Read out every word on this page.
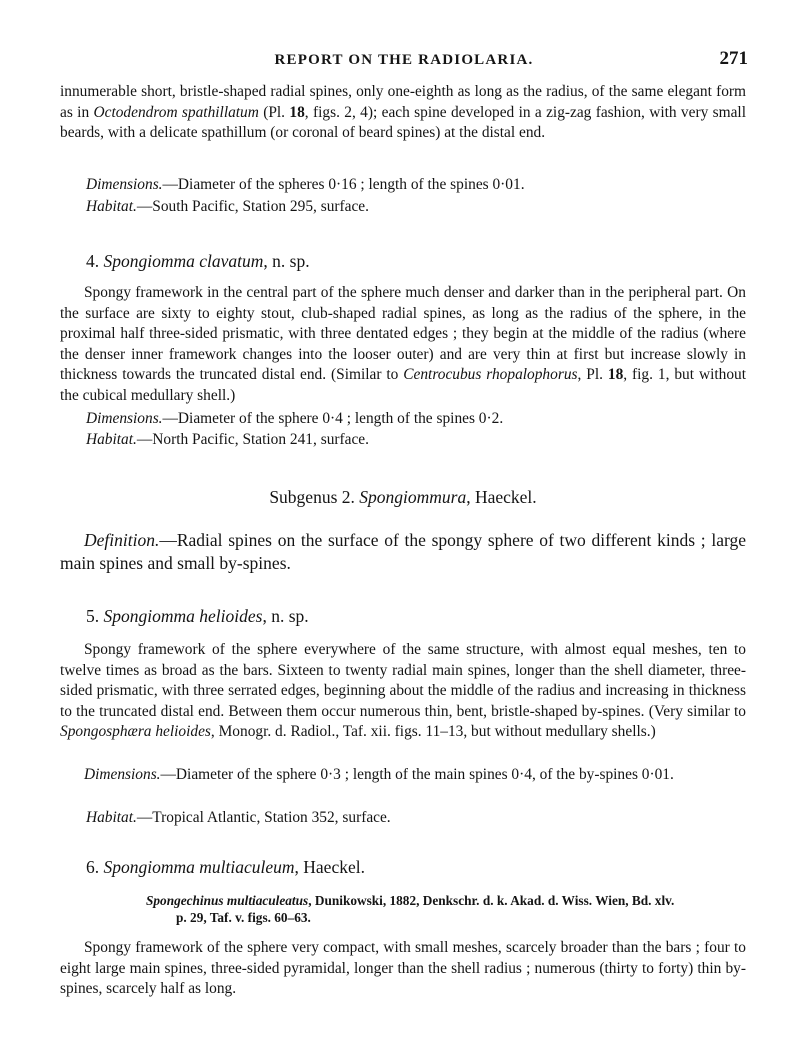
REPORT ON THE RADIOLARIA.	271

innumerable short, bristle-shaped radial spines, only one-eighth as long as the radius, of the same elegant form as in Octodendrom spathillatum (Pl. 18, figs. 2, 4); each spine developed in a zig-zag fashion, with very small beards, with a delicate spathillum (or coronal of beard spines) at the distal end.

Dimensions.—Diameter of the spheres 0·16 ; length of the spines 0·01.

Habitat.—South Pacific, Station 295, surface.

4. Spongiomma clavatum, n. sp.

Spongy framework in the central part of the sphere much denser and darker than in the peripheral part. On the surface are sixty to eighty stout, club-shaped radial spines, as long as the radius of the sphere, in the proximal half three-sided prismatic, with three dentated edges ; they begin at the middle of the radius (where the denser inner framework changes into the looser outer) and are very thin at first but increase slowly in thickness towards the truncated distal end. (Similar to Centrocubus rhopalophorus, Pl. 18, fig. 1, but without the cubical medullary shell.)

Dimensions.—Diameter of the sphere 0·4 ; length of the spines 0·2.

Habitat.—North Pacific, Station 241, surface.

Subgenus 2. Spongiommura, Haeckel.

Definition.—Radial spines on the surface of the spongy sphere of two different kinds ; large main spines and small by-spines.

5. Spongiomma helioides, n. sp.

Spongy framework of the sphere everywhere of the same structure, with almost equal meshes, ten to twelve times as broad as the bars. Sixteen to twenty radial main spines, longer than the shell diameter, three-sided prismatic, with three serrated edges, beginning about the middle of the radius and increasing in thickness to the truncated distal end. Between them occur numerous thin, bent, bristle-shaped by-spines. (Very similar to Spongosphæra helioides, Monogr. d. Radiol., Taf. xii. figs. 11–13, but without medullary shells.)

Dimensions.—Diameter of the sphere 0·3 ; length of the main spines 0·4, of the by-spines 0·01.

Habitat.—Tropical Atlantic, Station 352, surface.

6. Spongiomma multiaculeum, Haeckel.

Spongechinus multiaculeatus, Dunikowski, 1882, Denkschr. d. k. Akad. d. Wiss. Wien, Bd. xlv.
p. 29, Taf. v. figs. 60–63.

Spongy framework of the sphere very compact, with small meshes, scarcely broader than the bars ; four to eight large main spines, three-sided pyramidal, longer than the shell radius ; numerous (thirty to forty) thin by-spines, scarcely half as long.
